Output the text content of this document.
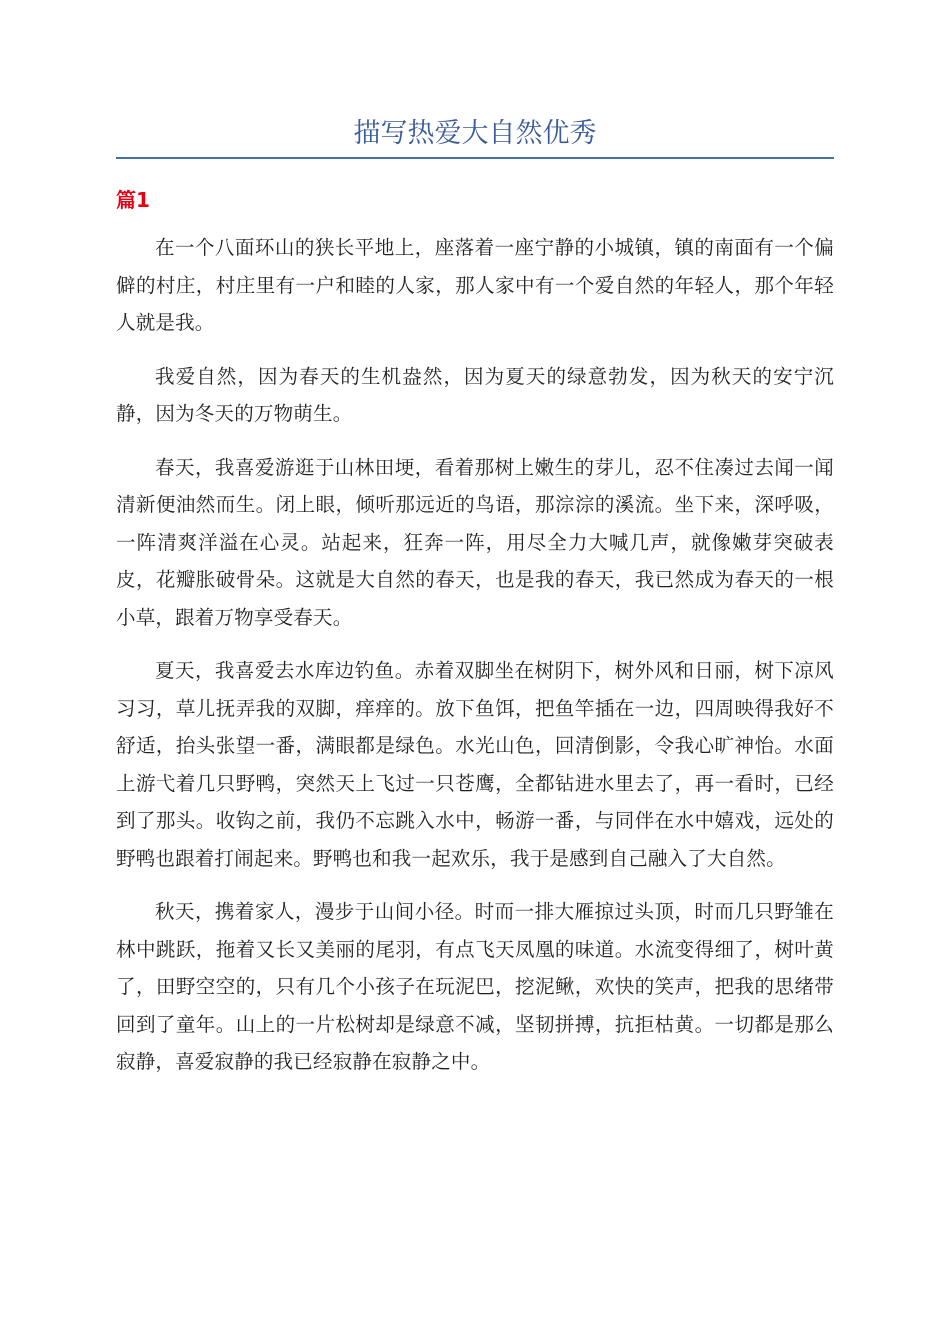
描写热爱大自然优秀
篇1

在一个八面环山的狭长平地上，座落着一座宁静的小城镇，镇的南面有一个偏僻的村庄，村庄里有一户和睦的人家，那人家中有一个爱自然的年轻人，那个年轻人就是我。

我爱自然，因为春天的生机盎然，因为夏天的绿意勃发，因为秋天的安宁沉静，因为冬天的万物萌生。

春天，我喜爱游逛于山林田埂，看着那树上嫩生的芽儿，忍不住凑过去闻一闻清新便油然而生。闭上眼，倾听那远近的鸟语，那淙淙的溪流。坐下来，深呼吸，一阵清爽洋溢在心灵。站起来，狂奔一阵，用尽全力大喊几声，就像嫩芽突破表皮，花瓣胀破骨朵。这就是大自然的春天，也是我的春天，我已然成为春天的一根小草，跟着万物享受春天。

夏天，我喜爱去水库边钓鱼。赤着双脚坐在树阴下，树外风和日丽，树下凉风习习，草儿抚弄我的双脚，痒痒的。放下鱼饵，把鱼竿插在一边，四周映得我好不舒适，抬头张望一番，满眼都是绿色。水光山色，回清倒影，令我心旷神怡。水面上游弋着几只野鸭，突然天上飞过一只苍鹰，全都钻进水里去了，再一看时，已经到了那头。收钩之前，我仍不忘跳入水中，畅游一番，与同伴在水中嬉戏，远处的野鸭也跟着打闹起来。野鸭也和我一起欢乐，我于是感到自己融入了大自然。

秋天，携着家人，漫步于山间小径。时而一排大雁掠过头顶，时而几只野雏在林中跳跃，拖着又长又美丽的尾羽，有点飞天凤凰的味道。水流变得细了，树叶黄了，田野空空的，只有几个小孩子在玩泥巴，挖泥鳅，欢快的笑声，把我的思绪带回到了童年。山上的一片松树却是绿意不减，坚韧拼搏，抗拒枯黄。一切都是那么寂静，喜爱寂静的我已经寂静在寂静之中。
